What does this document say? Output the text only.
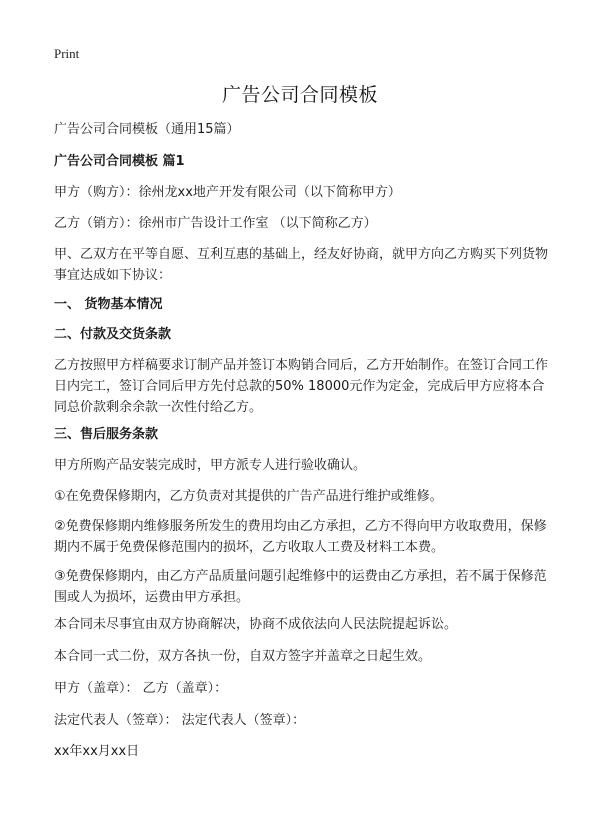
Print
广告公司合同模板
广告公司合同模板（通用15篇）
广告公司合同模板 篇1
甲方（购方）：徐州龙xx地产开发有限公司（以下简称甲方）
乙方（销方）：徐州市广告设计工作室 （以下简称乙方）
甲、乙双方在平等自愿、互利互惠的基础上，经友好协商，就甲方向乙方购买下列货物事宜达成如下协议：
一、 货物基本情况
二、付款及交货条款
乙方按照甲方样稿要求订制产品并签订本购销合同后，乙方开始制作。在签订合同工作日内完工，签订合同后甲方先付总款的50% 18000元作为定金，完成后甲方应将本合同总价款剩余余款一次性付给乙方。
三、售后服务条款
甲方所购产品安装完成时，甲方派专人进行验收确认。
①在免费保修期内，乙方负责对其提供的广告产品进行维护或维修。
②免费保修期内维修服务所发生的费用均由乙方承担，乙方不得向甲方收取费用，保修期内不属于免费保修范围内的损坏，乙方收取人工费及材料工本费。
③免费保修期内，由乙方产品质量问题引起维修中的运费由乙方承担，若不属于保修范围或人为损坏，运费由甲方承担。
本合同未尽事宜由双方协商解决，协商不成依法向人民法院提起诉讼。
本合同一式二份，双方各执一份，自双方签字并盖章之日起生效。
甲方（盖章）： 乙方（盖章）：
法定代表人（签章）： 法定代表人（签章）：
xx年xx月xx日
